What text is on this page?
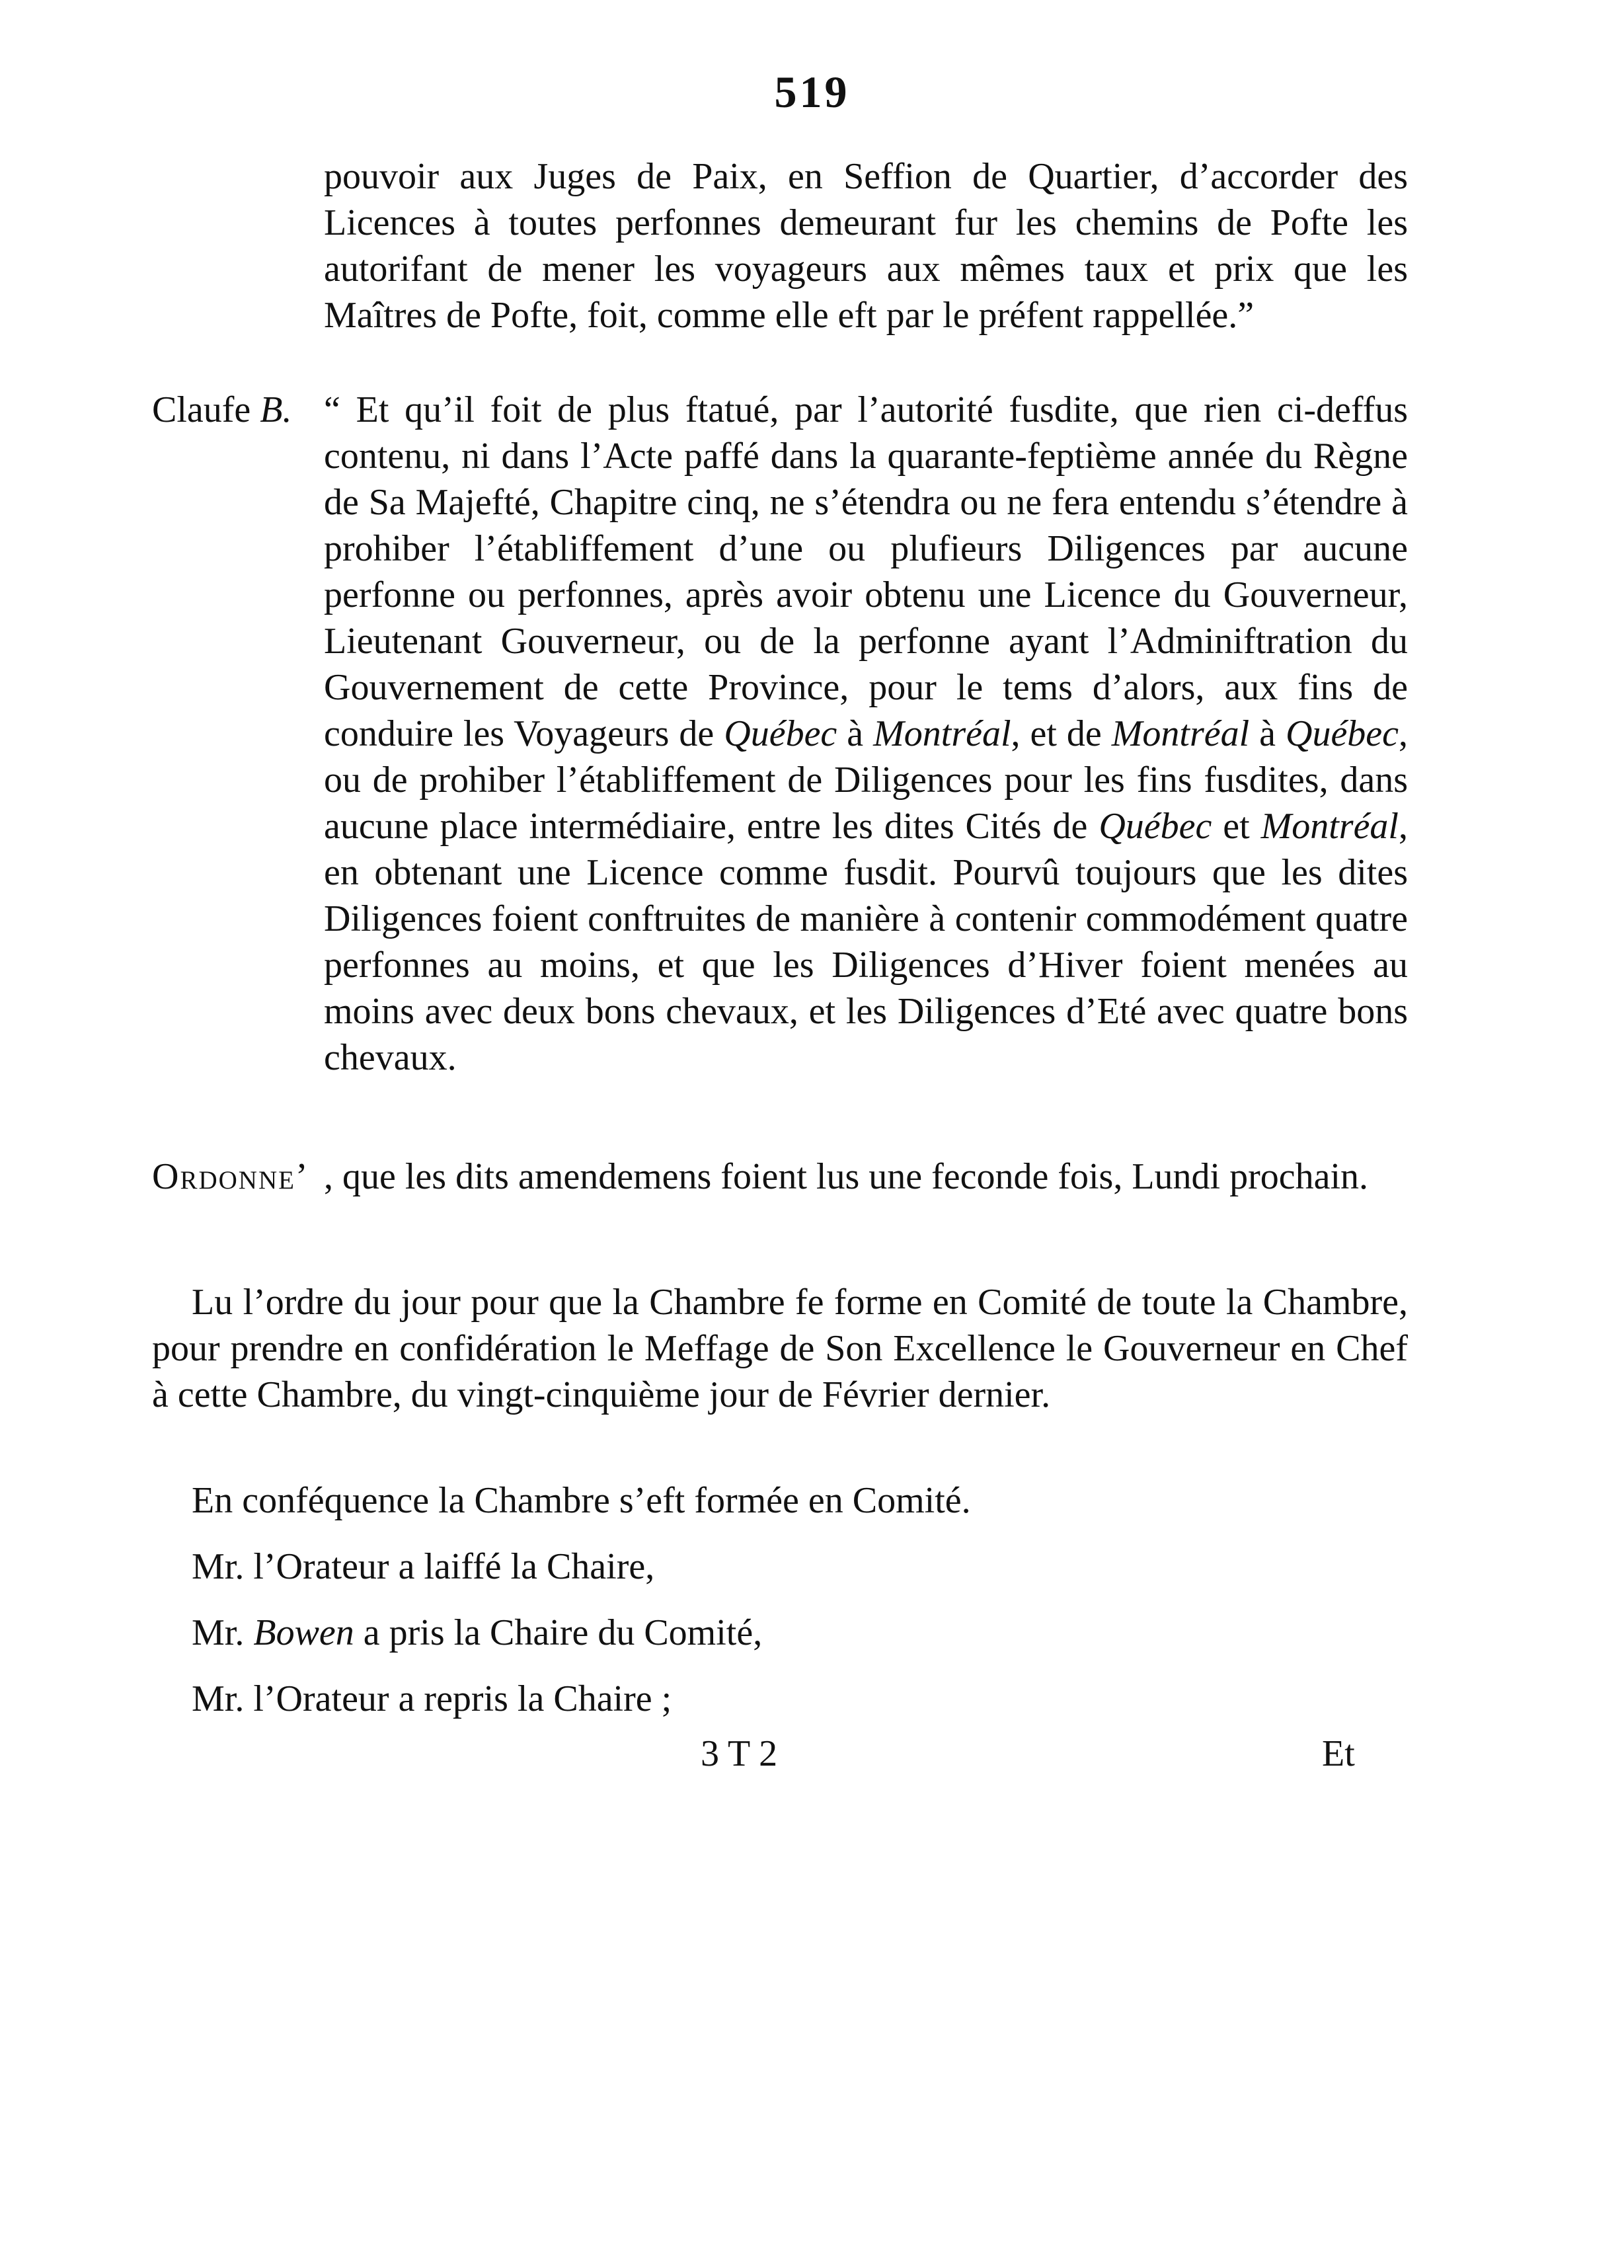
519
pouvoir aux Juges de Paix, en Seffion de Quartier, d’accorder des Licences à toutes perfonnes demeurant fur les chemins de Pofte les autorifant de mener les voyageurs aux mêmes taux et prix que les Maîtres de Pofte, foit, comme elle eft par le préfent rappellée.”
Claufe B. “ Et qu’il foit de plus ftatué, par l’autorité fusdite, que rien ci-deffus contenu, ni dans l’Acte paffé dans la quarante-feptième année du Règne de Sa Majefté, Chapitre cinq, ne s’étendra ou ne fera entendu s’étendre à prohiber l’établiffement d’une ou plufieurs Diligences par aucune perfonne ou perfonnes, après avoir obtenu une Licence du Gouverneur, Lieutenant Gouverneur, ou de la perfonne ayant l’Adminiftration du Gouvernement de cette Province, pour le tems d’alors, aux fins de conduire les Voyageurs de Québec à Montréal, et de Montréal à Québec, ou de prohiber l’établiffement de Diligences pour les fins fusdites, dans aucune place intermédiaire, entre les dites Cités de Québec et Montréal, en obtenant une Licence comme fusdit. Pourvû toujours que les dites Diligences foient conftruites de manière à contenir commodément quatre perfonnes au moins, et que les Diligences d’Hiver foient menées au moins avec deux bons chevaux, et les Diligences d’Eté avec quatre bons chevaux.
Ordonne’ , que les dits amendemens foient lus une feconde fois, Lundi prochain.
Lu l’ordre du jour pour que la Chambre fe forme en Comité de toute la Chambre, pour prendre en confidération le Meffage de Son Excellence le Gouverneur en Chef à cette Chambre, du vingt-cinquième jour de Février dernier.
En conféquence la Chambre s’eft formée en Comité.
Mr. l’Orateur a laiffé la Chaire,
Mr. Bowen a pris la Chaire du Comité,
Mr. l’Orateur a repris la Chaire ;
3 T 2	Et
